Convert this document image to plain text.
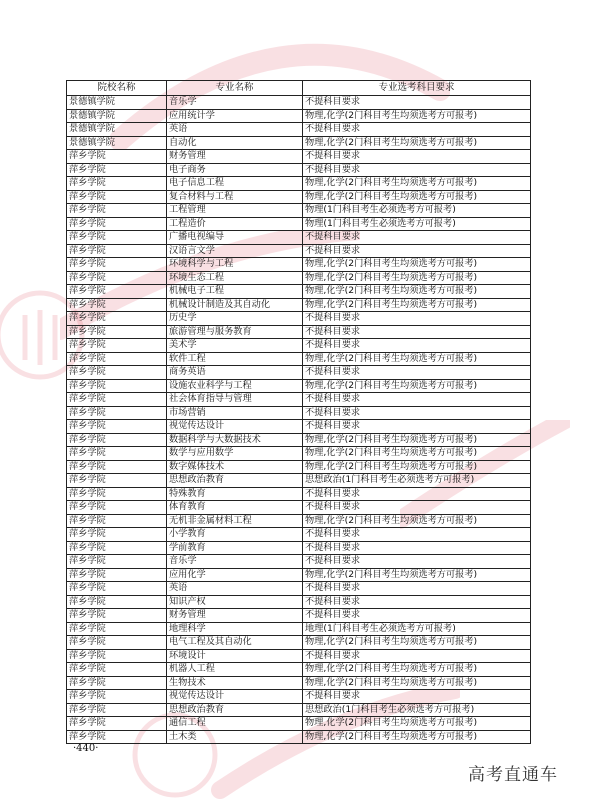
院校名称	专业名称	专业选考科目要求
景德镇学院	音乐学	不提科目要求
景德镇学院	应用统计学	物理,化学(2门科目考生均须选考方可报考)
景德镇学院	英语	不提科目要求
景德镇学院	自动化	物理,化学(2门科目考生均须选考方可报考)
萍乡学院	财务管理	不提科目要求
萍乡学院	电子商务	不提科目要求
萍乡学院	电子信息工程	物理,化学(2门科目考生均须选考方可报考)
萍乡学院	复合材料与工程	物理,化学(2门科目考生均须选考方可报考)
萍乡学院	工程管理	物理(1门科目考生必须选考方可报考)
萍乡学院	工程造价	物理(1门科目考生必须选考方可报考)
萍乡学院	广播电视编导	不提科目要求
萍乡学院	汉语言文学	不提科目要求
萍乡学院	环境科学与工程	物理,化学(2门科目考生均须选考方可报考)
萍乡学院	环境生态工程	物理,化学(2门科目考生均须选考方可报考)
萍乡学院	机械电子工程	物理,化学(2门科目考生均须选考方可报考)
萍乡学院	机械设计制造及其自动化	物理,化学(2门科目考生均须选考方可报考)
萍乡学院	历史学	不提科目要求
萍乡学院	旅游管理与服务教育	不提科目要求
萍乡学院	美术学	不提科目要求
萍乡学院	软件工程	物理,化学(2门科目考生均须选考方可报考)
萍乡学院	商务英语	不提科目要求
萍乡学院	设施农业科学与工程	物理,化学(2门科目考生均须选考方可报考)
萍乡学院	社会体育指导与管理	不提科目要求
萍乡学院	市场营销	不提科目要求
萍乡学院	视觉传达设计	不提科目要求
萍乡学院	数据科学与大数据技术	物理,化学(2门科目考生均须选考方可报考)
萍乡学院	数学与应用数学	物理,化学(2门科目考生均须选考方可报考)
萍乡学院	数字媒体技术	物理,化学(2门科目考生均须选考方可报考)
萍乡学院	思想政治教育	思想政治(1门科目考生必须选考方可报考)
萍乡学院	特殊教育	不提科目要求
萍乡学院	体育教育	不提科目要求
萍乡学院	无机非金属材料工程	物理,化学(2门科目考生均须选考方可报考)
萍乡学院	小学教育	不提科目要求
萍乡学院	学前教育	不提科目要求
萍乡学院	音乐学	不提科目要求
萍乡学院	应用化学	物理,化学(2门科目考生均须选考方可报考)
萍乡学院	英语	不提科目要求
萍乡学院	知识产权	不提科目要求
萍乡学院	财务管理	不提科目要求
萍乡学院	地理科学	地理(1门科目考生必须选考方可报考)
萍乡学院	电气工程及其自动化	物理,化学(2门科目考生均须选考方可报考)
萍乡学院	环境设计	不提科目要求
萍乡学院	机器人工程	物理,化学(2门科目考生均须选考方可报考)
萍乡学院	生物技术	物理,化学(2门科目考生均须选考方可报考)
萍乡学院	视觉传达设计	不提科目要求
萍乡学院	思想政治教育	思想政治(1门科目考生必须选考方可报考)
萍乡学院	通信工程	物理,化学(2门科目考生均须选考方可报考)
萍乡学院	土木类	物理,化学(2门科目考生均须选考方可报考)
·440·
高考直通车
